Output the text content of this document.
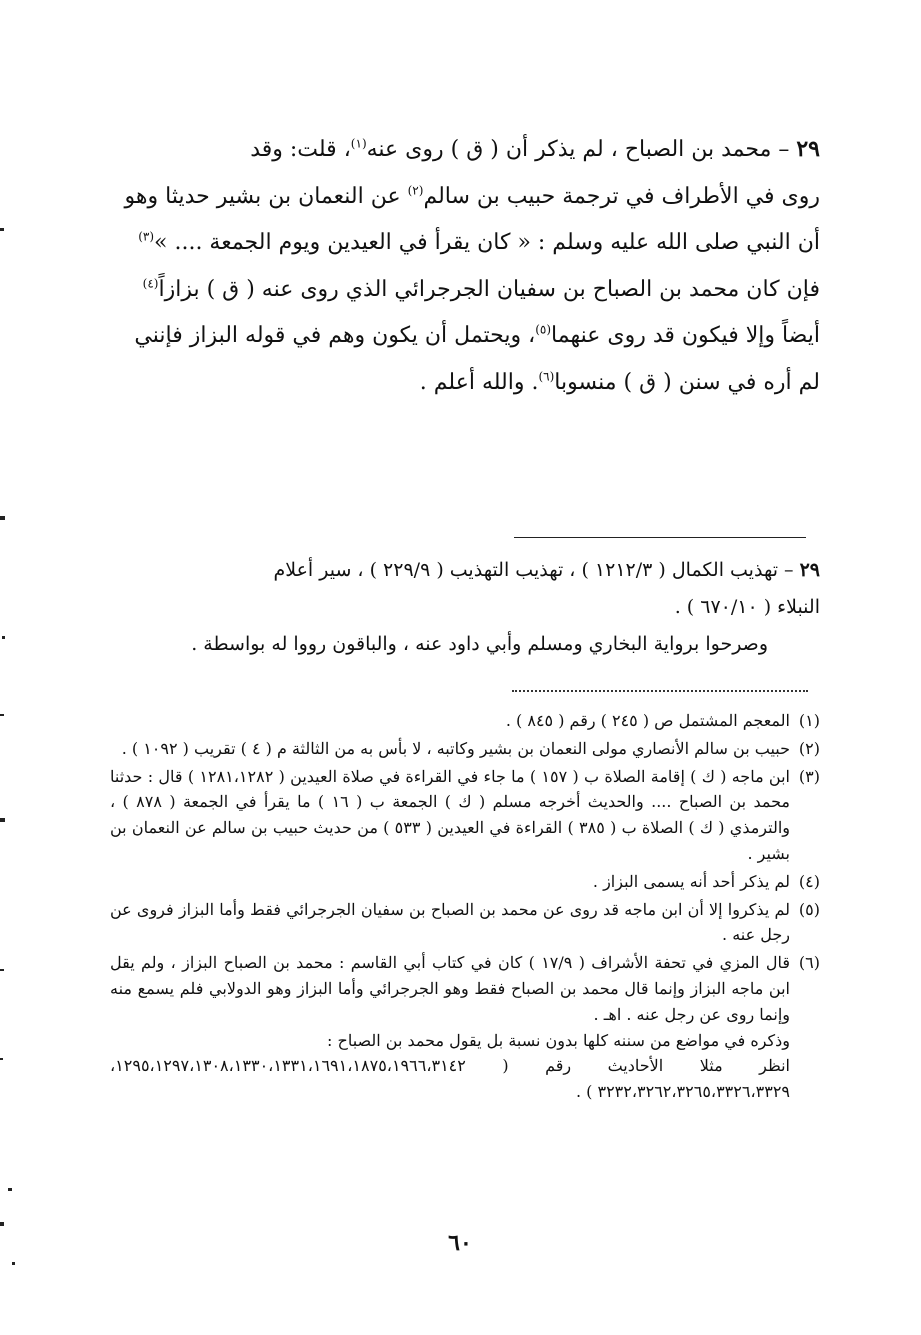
٢٩ – محمد بن الصباح ، لم يذكر أن ( ق ) روى عنه$^{(١)}$، قلت: وقد

روى في الأطراف في ترجمة حبيب بن سالم$^{(٢)}$ عن النعمان بن بشير حديثا وهو

أن النبي صلى الله عليه وسلم : « كان يقرأ في العيدين ويوم الجمعة .... »$^{(٣)}$

فإن كان محمد بن الصباح بن سفيان الجرجرائي الذي روى عنه ( ق ) بزازاً$^{(٤)}$

أيضاً وإلا فيكون قد روى عنهما$^{(٥)}$، ويحتمل أن يكون وهم في قوله البزاز فإنني

لم أره في سنن ( ق ) منسوبا$^{(٦)}$. والله أعلم .

٢٩ – تهذيب الكمال ( ١٢١٢/٣ ) ، تهذيب التهذيب ( ٢٢٩/٩ ) ، سير أعلام

النبلاء ( ٦٧٠/١٠ ) .

وصرحوا برواية البخاري ومسلم وأبي داود عنه ، والباقون رووا له بواسطة .

(١)

المعجم المشتمل ص ( ٢٤٥ ) رقم ( ٨٤٥ ) .

(٢)

حبيب بن سالم الأنصاري مولى النعمان بن بشير وكاتبه ، لا بأس به من الثالثة م ( ٤ ) تقريب ( ١٠٩٢ ) .

(٣)

ابن ماجه ( ك ) إقامة الصلاة ب ( ١٥٧ ) ما جاء في القراءة في صلاة العيدين ( ١٢٨١،١٢٨٢ ) قال : حدثنا محمد بن الصباح .... والحديث أخرجه مسلم ( ك ) الجمعة ب ( ١٦ ) ما يقرأ في الجمعة ( ٨٧٨ ) ، والترمذي ( ك ) الصلاة ب ( ٣٨٥ ) القراءة في العيدين ( ٥٣٣ ) من حديث حبيب بن سالم عن النعمان بن بشير .

(٤)

لم يذكر أحد أنه يسمى البزاز .

(٥)

لم يذكروا إلا أن ابن ماجه قد روى عن محمد بن الصباح بن سفيان الجرجرائي فقط وأما البزاز فروى عن رجل عنه .

(٦)

قال المزي في تحفة الأشراف ( ١٧/٩ ) كان في كتاب أبي القاسم : محمد بن الصباح البزاز ، ولم يقل ابن ماجه البزاز وإنما قال محمد بن الصباح فقط وهو الجرجرائي وأما البزاز وهو الدولابي فلم يسمع منه وإنما روى عن رجل عنه . اهـ .

وذكره في مواضع من سننه كلها بدون نسبة بل يقول محمد بن الصباح :

انظر مثلا الأحاديث رقم ( ١٢٩٥،١٢٩٧،١٣٠٨،١٣٣٠،١٣٣١،١٦٩١،١٨٧٥،١٩٦٦،٣١٤٢، ٣٢٣٢،٣٢٦٢،٣٢٦٥،٣٣٢٦،٣٣٢٩ ) .

٦٠
